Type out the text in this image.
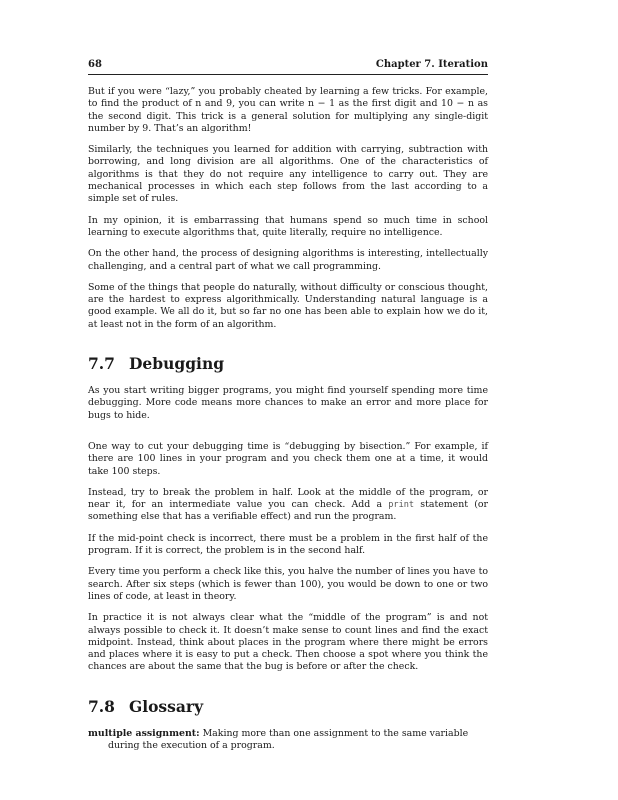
68	Chapter 7. Iteration

But if you were “lazy,” you probably cheated by learning a few tricks. For example, to find the product of n and 9, you can write n − 1 as the first digit and 10 − n as the second digit. This trick is a general solution for multiplying any single-digit number by 9. That’s an algorithm!

Similarly, the techniques you learned for addition with carrying, subtraction with borrowing, and long division are all algorithms. One of the characteristics of algorithms is that they do not require any intelligence to carry out. They are mechanical processes in which each step follows from the last according to a simple set of rules.

In my opinion, it is embarrassing that humans spend so much time in school learning to execute algorithms that, quite literally, require no intelligence.

On the other hand, the process of designing algorithms is interesting, intellectually challenging, and a central part of what we call programming.

Some of the things that people do naturally, without difficulty or conscious thought, are the hardest to express algorithmically. Understanding natural language is a good example. We all do it, but so far no one has been able to explain how we do it, at least not in the form of an algorithm.

7.7 Debugging

As you start writing bigger programs, you might find yourself spending more time debugging. More code means more chances to make an error and more place for bugs to hide.

One way to cut your debugging time is “debugging by bisection.” For example, if there are 100 lines in your program and you check them one at a time, it would take 100 steps.

Instead, try to break the problem in half. Look at the middle of the program, or near it, for an intermediate value you can check. Add a print statement (or something else that has a verifiable effect) and run the program.

If the mid-point check is incorrect, there must be a problem in the first half of the program. If it is correct, the problem is in the second half.

Every time you perform a check like this, you halve the number of lines you have to search. After six steps (which is fewer than 100), you would be down to one or two lines of code, at least in theory.

In practice it is not always clear what the “middle of the program” is and not always possible to check it. It doesn’t make sense to count lines and find the exact midpoint. Instead, think about places in the program where there might be errors and places where it is easy to put a check. Then choose a spot where you think the chances are about the same that the bug is before or after the check.

7.8 Glossary

multiple assignment: Making more than one assignment to the same variable during the execution of a program.
